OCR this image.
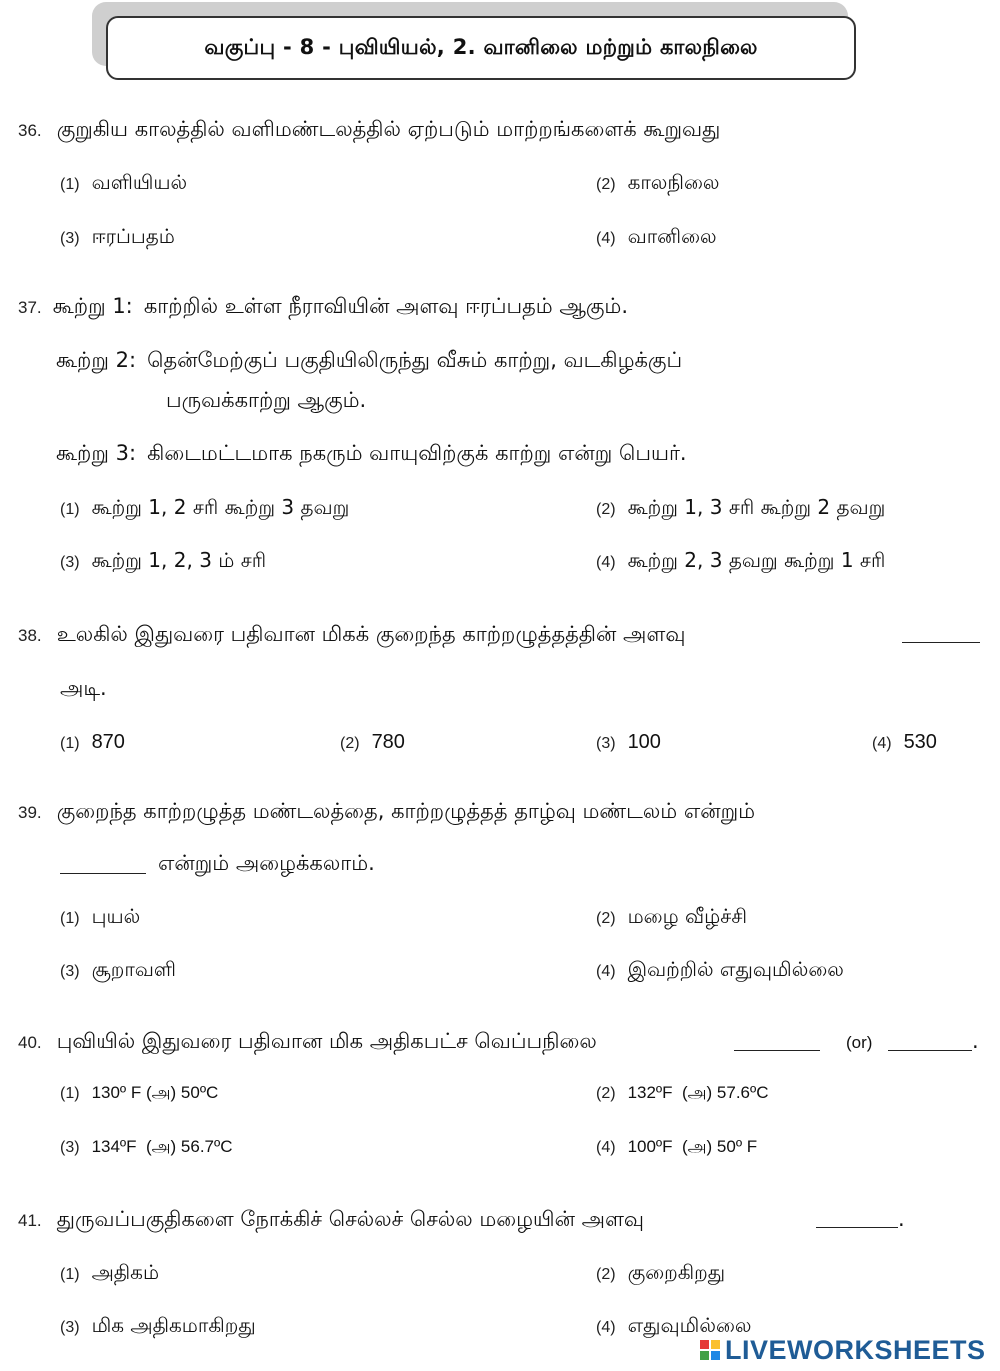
வகுப்பு - 8 - புவியியல், 2. வானிலை மற்றும் காலநிலை
36. குறுகிய காலத்தில் வளிமண்டலத்தில் ஏற்படும் மாற்றங்களைக் கூறுவது
(1) வளியியல்	(2) காலநிலை
(3) ஈரப்பதம்	(4) வானிலை
37. கூற்று 1: காற்றில் உள்ள நீராவியின் அளவு ஈரப்பதம் ஆகும்.
கூற்று 2: தென்மேற்குப் பகுதியிலிருந்து வீசும் காற்று, வடகிழக்குப்
பருவக்காற்று ஆகும்.
கூற்று 3: கிடைமட்டமாக நகரும் வாயுவிற்குக் காற்று என்று பெயர்.
(1) கூற்று 1, 2 சரி கூற்று 3 தவறு	(2) கூற்று 1, 3 சரி கூற்று 2 தவறு
(3) கூற்று 1, 2, 3 ம் சரி	(4) கூற்று 2, 3 தவறு கூற்று 1 சரி
38. உலகில் இதுவரை பதிவான மிகக் குறைந்த காற்றழுத்தத்தின் அளவு
அடி.
(1) 870	(2) 780	(3) 100	(4) 530
39. குறைந்த காற்றழுத்த மண்டலத்தை, காற்றழுத்தத் தாழ்வு மண்டலம் என்றும்
என்றும் அழைக்கலாம்.
(1) புயல்	(2) மழை வீழ்ச்சி
(3) சூறாவளி	(4) இவற்றில் எதுவுமில்லை
40. புவியில் இதுவரை பதிவான மிக அதிகபட்ச வெப்பநிலை	(or)	.
(1) 130º F (அ) 50ºC	(2) 132ºF  (அ) 57.6ºC
(3) 134ºF  (அ) 56.7ºC	(4) 100ºF  (அ) 50º F
41. துருவப்பகுதிகளை நோக்கிச் செல்லச் செல்ல மழையின் அளவு	.
(1) அதிகம்	(2) குறைகிறது
(3) மிக அதிகமாகிறது	(4) எதுவுமில்லை
LIVEWORKSHEETS
